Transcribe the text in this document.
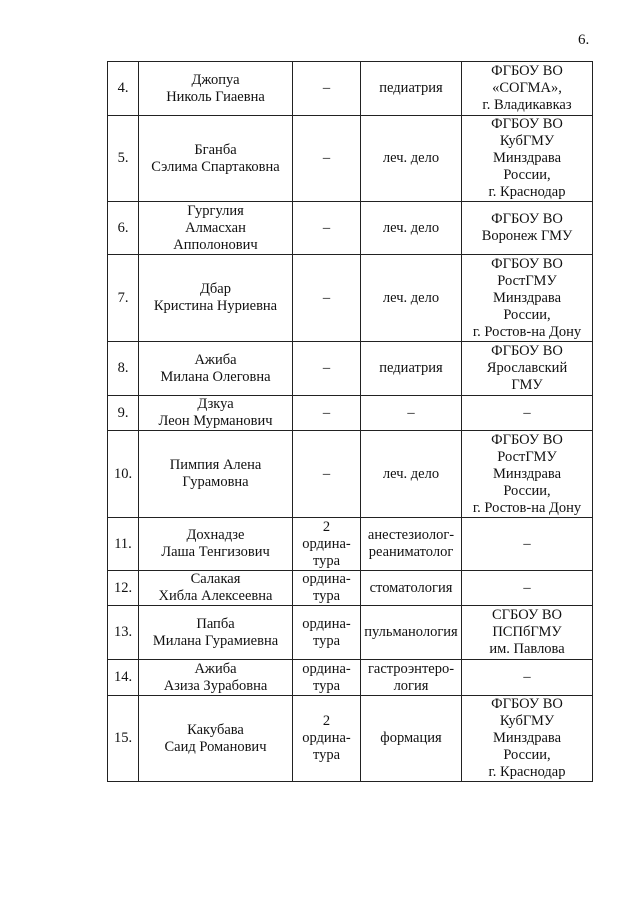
6.
4.	Джопуа
Николь Гиаевна	–	педиатрия	ФГБОУ ВО
«СОГМА»,
г. Владикавказ
5.	Бганба
Сэлима Спартаковна	–	леч. дело	ФГБОУ ВО
КубГМУ
Минздрава
России,
г. Краснодар
6.	Гургулия
Алмасхан
Апполонович	–	леч. дело	ФГБОУ ВО
Воронеж ГМУ
7.	Дбар
Кристина Нуриевна	–	леч. дело	ФГБОУ ВО
РостГМУ
Минздрава
России,
г. Ростов-на Дону
8.	Ажиба
Милана Олеговна	–	педиатрия	ФГБОУ ВО
Ярославский
ГМУ
9.	Дзкуа
Леон Мурманович	–	–	–
10.	Пимпия Алена
Гурамовна	–	леч. дело	ФГБОУ ВО
РостГМУ
Минздрава
России,
г. Ростов-на Дону
11.	Дохнадзе
Лаша Тенгизович	2
ордина-
тура	анестезиолог-
реаниматолог	–
12.	Салакая
Хибла Алексеевна	ордина-
тура	стоматология	–
13.	Папба
Милана Гурамиевна	ордина-
тура	пульманология	СГБОУ ВО
ПСПбГМУ
им. Павлова
14.	Ажиба
Азиза Зурабовна	ордина-
тура	гастроэнтеро-
логия	–
15.	Какубава
Саид Романович	2
ордина-
тура	формация	ФГБОУ ВО
КубГМУ
Минздрава
России,
г. Краснодар
